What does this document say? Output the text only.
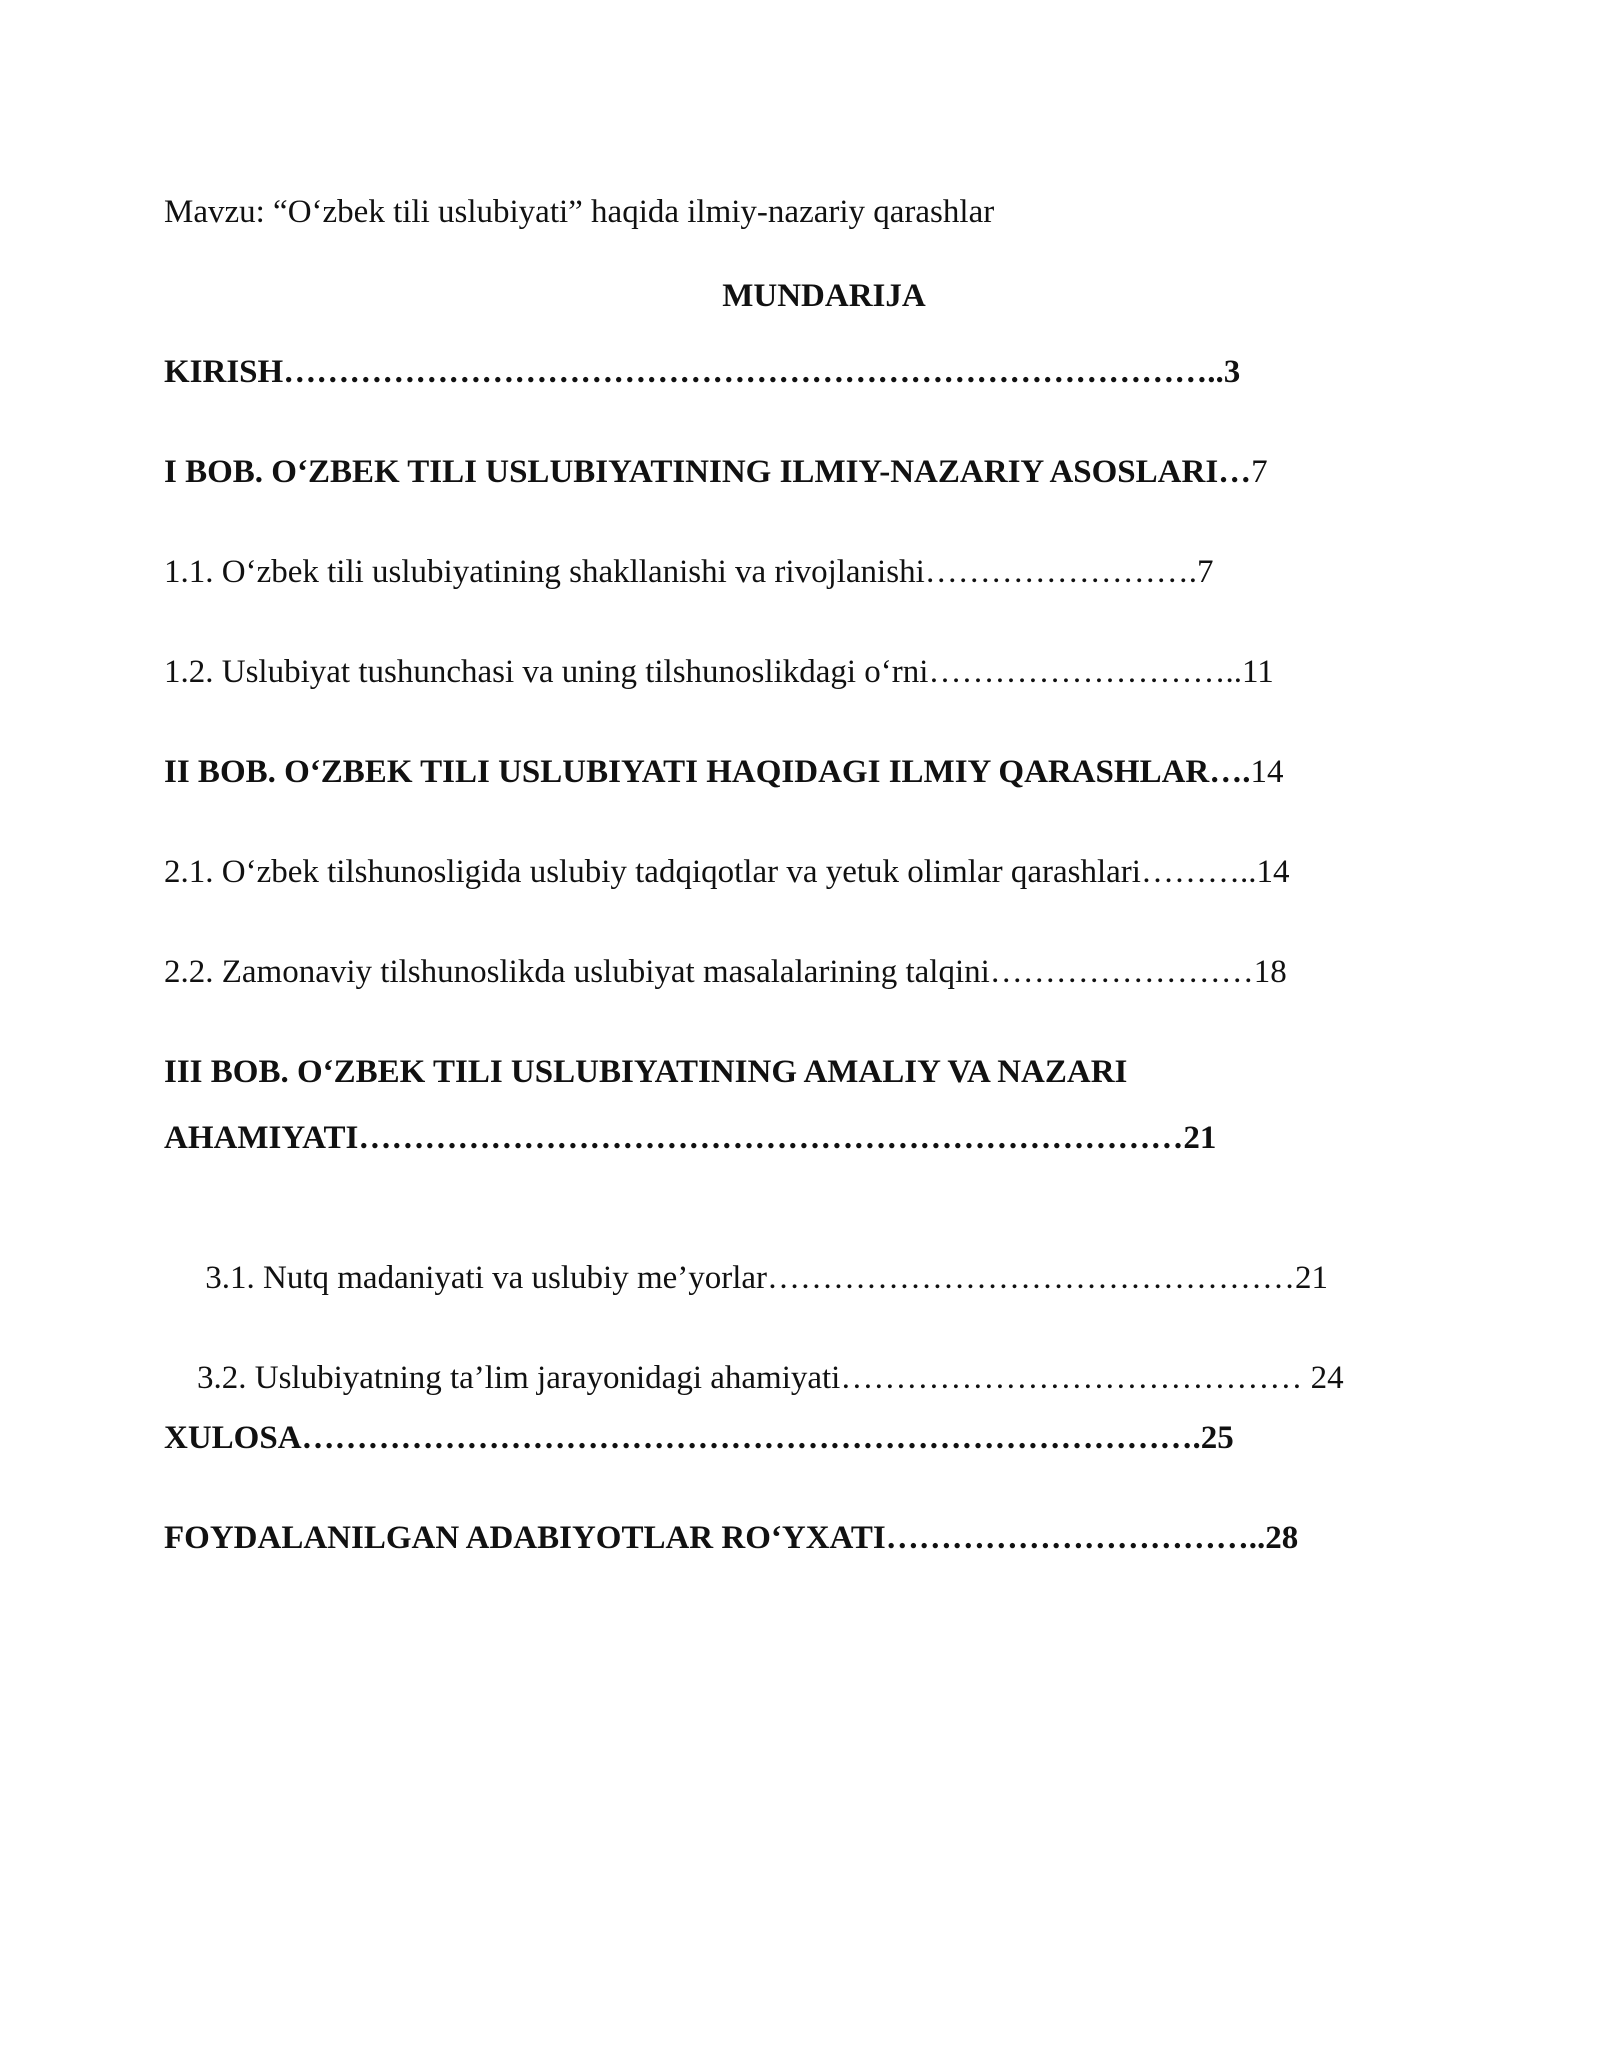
Mavzu: “O‘zbek tili uslubiyati” haqida ilmiy-nazariy qarashlar
MUNDARIJA
KIRISH…………………………………………………………………………..3
I BOB. O‘ZBEK TILI USLUBIYATINING ILMIY-NAZARIY ASOSLARI…7
1.1. O‘zbek tili uslubiyatining shakllanishi va rivojlanishi…………………….7
1.2. Uslubiyat tushunchasi va uning tilshunoslikdagi o‘rni………………………..11
II BOB. O‘ZBEK TILI USLUBIYATI HAQIDAGI ILMIY QARASHLAR….14
2.1. O‘zbek tilshunosligida uslubiy tadqiqotlar va yetuk olimlar qarashlari………..14
2.2. Zamonaviy tilshunoslikda uslubiyat masalalarining talqini……………………18
III BOB. O‘ZBEK TILI USLUBIYATINING AMALIY VA NAZARI
AHAMIYATI…………………………………………………………………21

3.1. Nutq madaniyati va uslubiy me’yorlar…………………………………………21

3.2. Uslubiyatning ta’lim jarayonidagi ahamiyati…………………………………… 24

XULOSA……………………………………………………………………….25
FOYDALANILGAN ADABIYOTLAR RO‘YXATI……………………………..28
